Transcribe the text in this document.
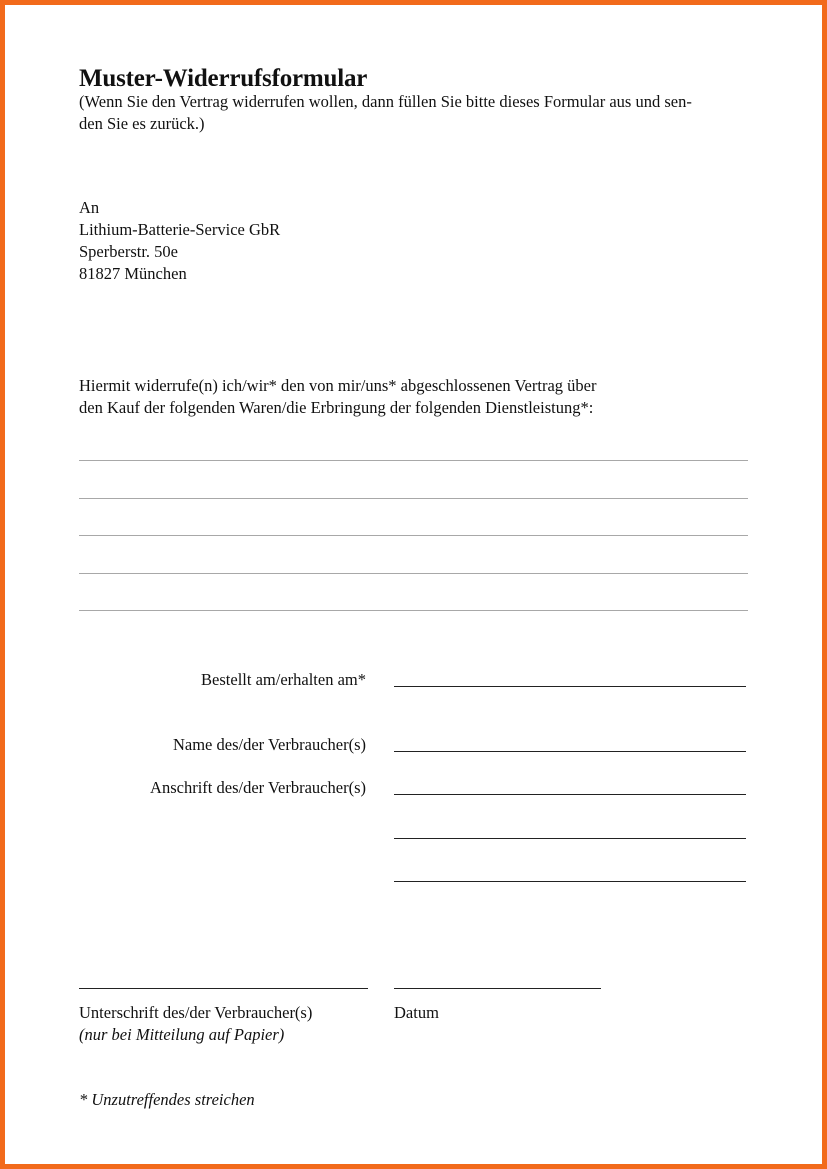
Muster-Widerrufsformular
(Wenn Sie den Vertrag widerrufen wollen, dann füllen Sie bitte dieses Formular aus und sen-
den Sie es zurück.)
An
Lithium-Batterie-Service GbR
Sperberstr. 50e
81827 München
Hiermit widerrufe(n) ich/wir* den von mir/uns* abgeschlossenen Vertrag über
den Kauf der folgenden Waren/die Erbringung der folgenden Dienstleistung*:
Bestellt am/erhalten am*
Name des/der Verbraucher(s)
Anschrift des/der Verbraucher(s)
Unterschrift des/der Verbraucher(s)	Datum
(nur bei Mitteilung auf Papier)
* Unzutreffendes streichen
